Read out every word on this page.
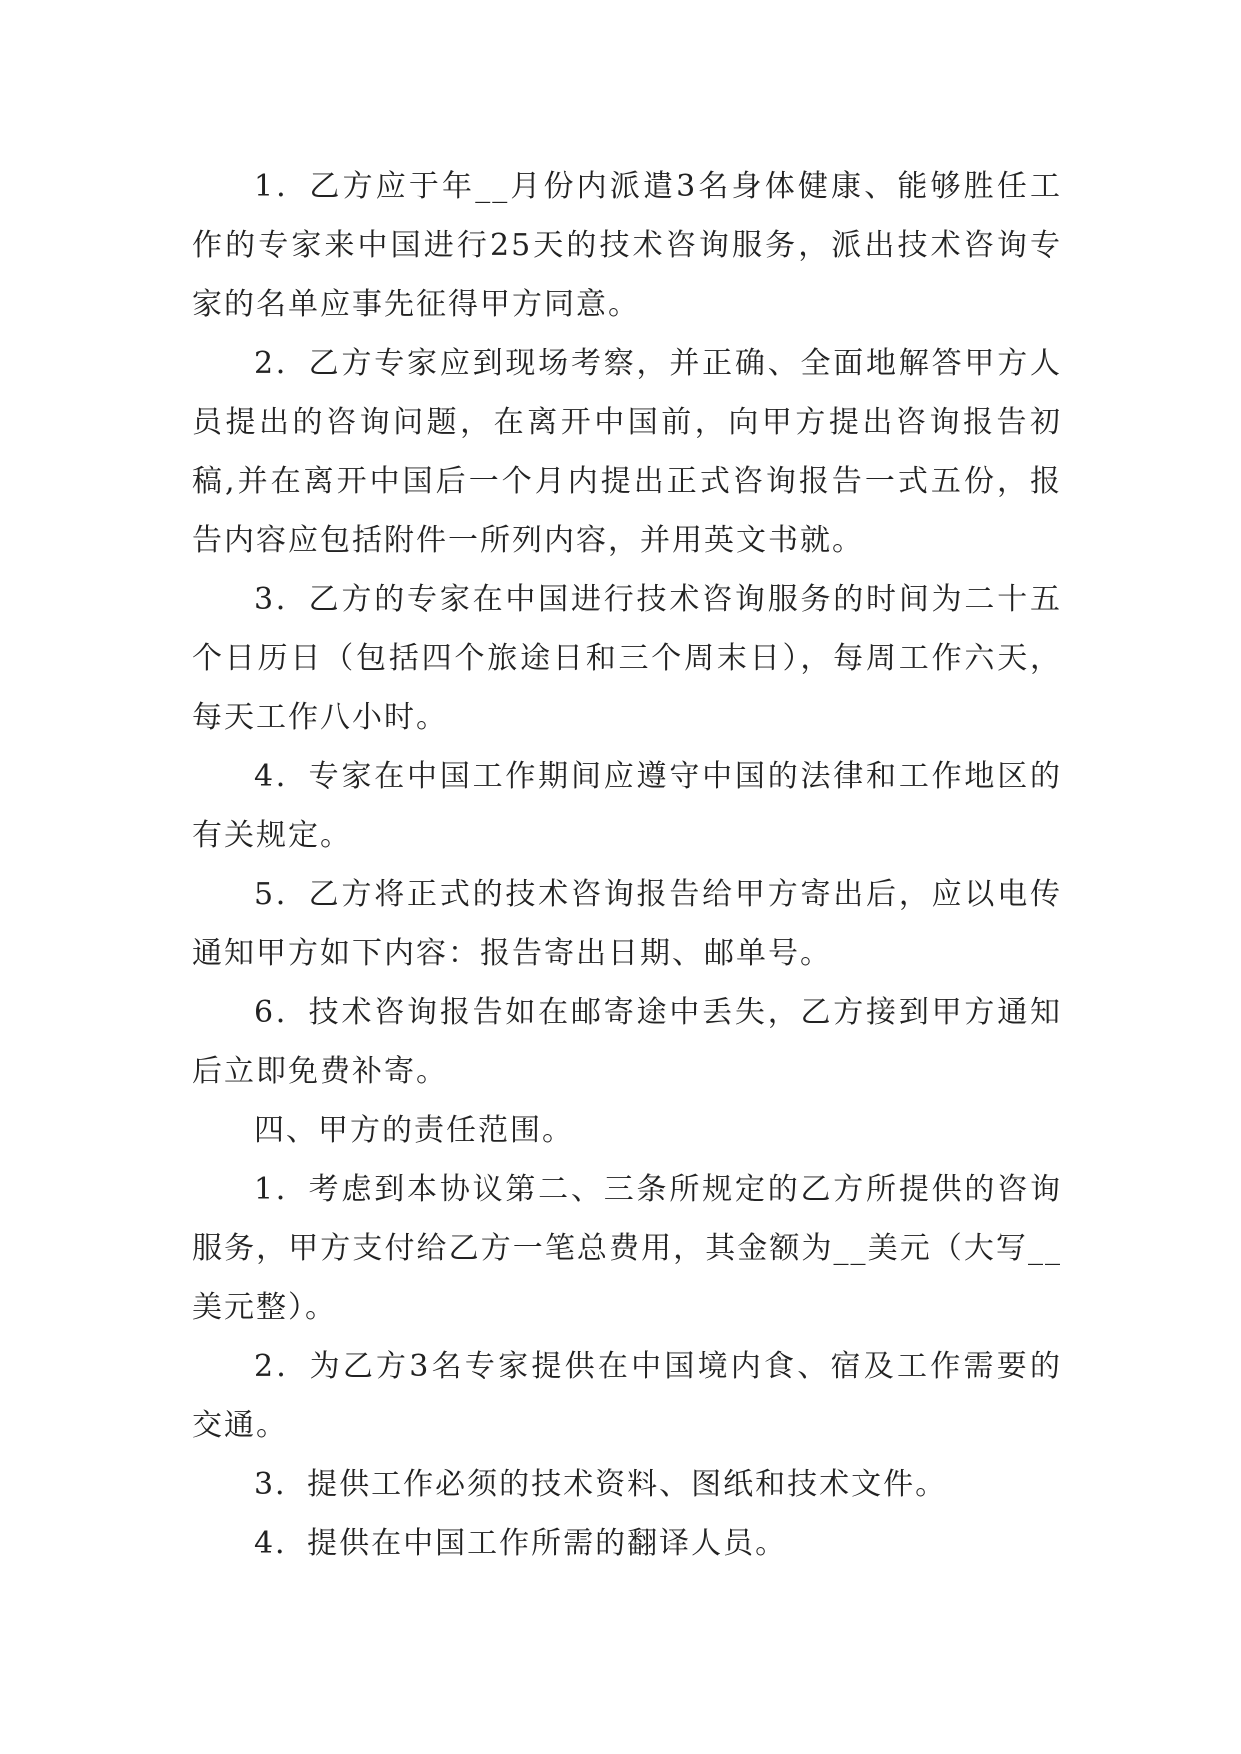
1．乙方应于年__月份内派遣3名身体健康、能够胜任工作的专家来中国进行25天的技术咨询服务，派出技术咨询专家的名单应事先征得甲方同意。

2．乙方专家应到现场考察，并正确、全面地解答甲方人员提出的咨询问题，在离开中国前，向甲方提出咨询报告初稿,并在离开中国后一个月内提出正式咨询报告一式五份，报告内容应包括附件一所列内容，并用英文书就。

3．乙方的专家在中国进行技术咨询服务的时间为二十五个日历日（包括四个旅途日和三个周末日），每周工作六天，每天工作八小时。

4．专家在中国工作期间应遵守中国的法律和工作地区的有关规定。

5．乙方将正式的技术咨询报告给甲方寄出后，应以电传通知甲方如下内容：报告寄出日期、邮单号。

6．技术咨询报告如在邮寄途中丢失，乙方接到甲方通知后立即免费补寄。

四、甲方的责任范围。

1．考虑到本协议第二、三条所规定的乙方所提供的咨询服务，甲方支付给乙方一笔总费用，其金额为__美元（大写__美元整）。

2．为乙方3名专家提供在中国境内食、宿及工作需要的交通。

3．提供工作必须的技术资料、图纸和技术文件。

4．提供在中国工作所需的翻译人员。
